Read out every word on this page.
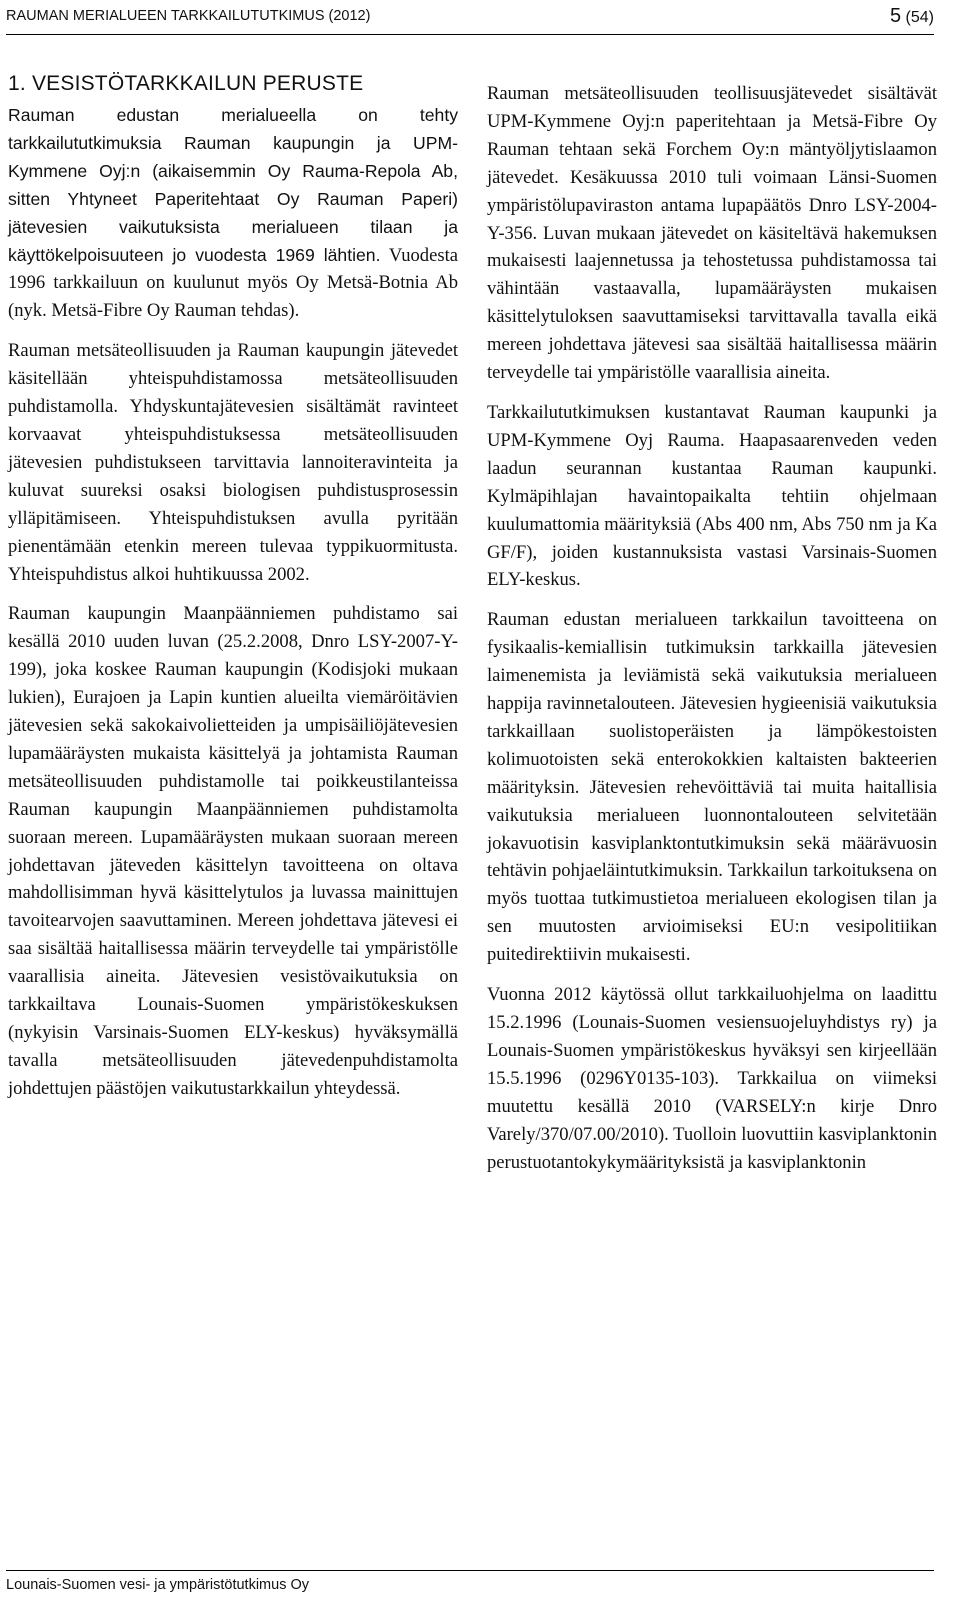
RAUMAN MERIALUEEN TARKKAILUTUTKIMUS (2012)	5 (54)
1. VESISTÖTARKKAILUN PERUSTE

Rauman edustan merialueella on tehty tarkkailututkimuksia Rauman kaupungin ja UPM-Kymmene Oyj:n (aikaisemmin Oy Rauma-Repola Ab, sitten Yhtyneet Paperitehtaat Oy Rauman Paperi) jätevesien vaikutuksista merialueen tilaan ja käyttökelpoisuuteen jo vuodesta 1969 lähtien. Vuodesta 1996 tarkkailuun on kuulunut myös Oy Metsä-Botnia Ab (nyk. Metsä-Fibre Oy Rauman tehdas).

Rauman metsäteollisuuden ja Rauman kaupungin jätevedet käsitellään yhteispuhdistamossa metsäteollisuuden puhdistamolla. Yhdyskuntajätevesien sisältämät ravinteet korvaavat yhteispuhdistuksessa metsäteollisuuden jätevesien puhdistukseen tarvittavia lannoiteravinteita ja kuluvat suureksi osaksi biologisen puhdistusprosessin ylläpitämiseen. Yhteispuhdistuksen avulla pyritään pienentämään etenkin mereen tulevaa typpikuormitusta. Yhteispuhdistus alkoi huhtikuussa 2002.

Rauman kaupungin Maanpäänniemen puhdistamo sai kesällä 2010 uuden luvan (25.2.2008, Dnro LSY-2007-Y-199), joka koskee Rauman kaupungin (Kodisjoki mukaan lukien), Eurajoen ja Lapin kuntien alueilta viemäröitävien jätevesien sekä sakokaivolietteiden ja umpisäiliöjätevesien lupamääräysten mukaista käsittelyä ja johtamista Rauman metsäteollisuuden puhdistamolle tai poikkeustilanteissa Rauman kaupungin Maanpäänniemen puhdistamolta suoraan mereen. Lupamääräysten mukaan suoraan mereen johdettavan jäteveden käsittelyn tavoitteena on oltava mahdollisimman hyvä käsittelytulos ja luvassa mainittujen tavoitearvojen saavuttaminen. Mereen johdettava jätevesi ei saa sisältää haitallisessa määrin terveydelle tai ympäristölle vaarallisia aineita. Jätevesien vesistövaikutuksia on tarkkailtava Lounais-Suomen ympäristökeskuksen (nykyisin Varsinais-Suomen ELY-keskus) hyväksymällä tavalla metsäteollisuuden jätevedenpuhdistamolta johdettujen päästöjen vaikutustarkkailun yhteydessä.

Rauman metsäteollisuuden teollisuusjätevedet sisältävät UPM-Kymmene Oyj:n paperitehtaan ja Metsä-Fibre Oy Rauman tehtaan sekä Forchem Oy:n mäntyöljytislaamon jätevedet. Kesäkuussa 2010 tuli voimaan Länsi-Suomen ympäristölupaviraston antama lupapäätös Dnro LSY-2004-Y-356. Luvan mukaan jätevedet on käsiteltävä hakemuksen mukaisesti laajennetussa ja tehostetussa puhdistamossa tai vähintään vastaavalla, lupamääräysten mukaisen käsittelytuloksen saavuttamiseksi tarvittavalla tavalla eikä mereen johdettava jätevesi saa sisältää haitallisessa määrin terveydelle tai ympäristölle vaarallisia aineita.

Tarkkailututkimuksen kustantavat Rauman kaupunki ja UPM-Kymmene Oyj Rauma. Haapasaarenveden veden laadun seurannan kustantaa Rauman kaupunki. Kylmäpihlajan havaintopaikalta tehtiin ohjelmaan kuulumattomia määrityksiä (Abs 400 nm, Abs 750 nm ja Ka GF/F), joiden kustannuksista vastasi Varsinais-Suomen ELY-keskus.

Rauman edustan merialueen tarkkailun tavoitteena on fysikaalis-kemiallisin tutkimuksin tarkkailla jätevesien laimenemista ja leviämistä sekä vaikutuksia merialueen happija ravinnetalouteen. Jätevesien hygieenisiä vaikutuksia tarkkaillaan suolistoperäisten ja lämpökestoisten kolimuotoisten sekä enterokokkien kaltaisten bakteerien määrityksin. Jätevesien rehevöittäviä tai muita haitallisia vaikutuksia merialueen luonnontalouteen selvitetään jokavuotisin kasviplanktontutkimuksin sekä määrävuosin tehtävin pohjaeläintutkimuksin. Tarkkailun tarkoituksena on myös tuottaa tutkimustietoa merialueen ekologisen tilan ja sen muutosten arvioimiseksi EU:n vesipolitiikan puitedirektiivin mukaisesti.

Vuonna 2012 käytössä ollut tarkkailuohjelma on laadittu 15.2.1996 (Lounais-Suomen vesiensuojeluyhdistys ry) ja Lounais-Suomen ympäristökeskus hyväksyi sen kirjeellään 15.5.1996 (0296Y0135-103). Tarkkailua on viimeksi muutettu kesällä 2010 (VARSELY:n kirje Dnro Varely/370/07.00/2010). Tuolloin luovuttiin kasviplanktonin perustuotantokykymäärityksistä ja kasviplanktonin

Lounais-Suomen vesi- ja ympäristötutkimus Oy
